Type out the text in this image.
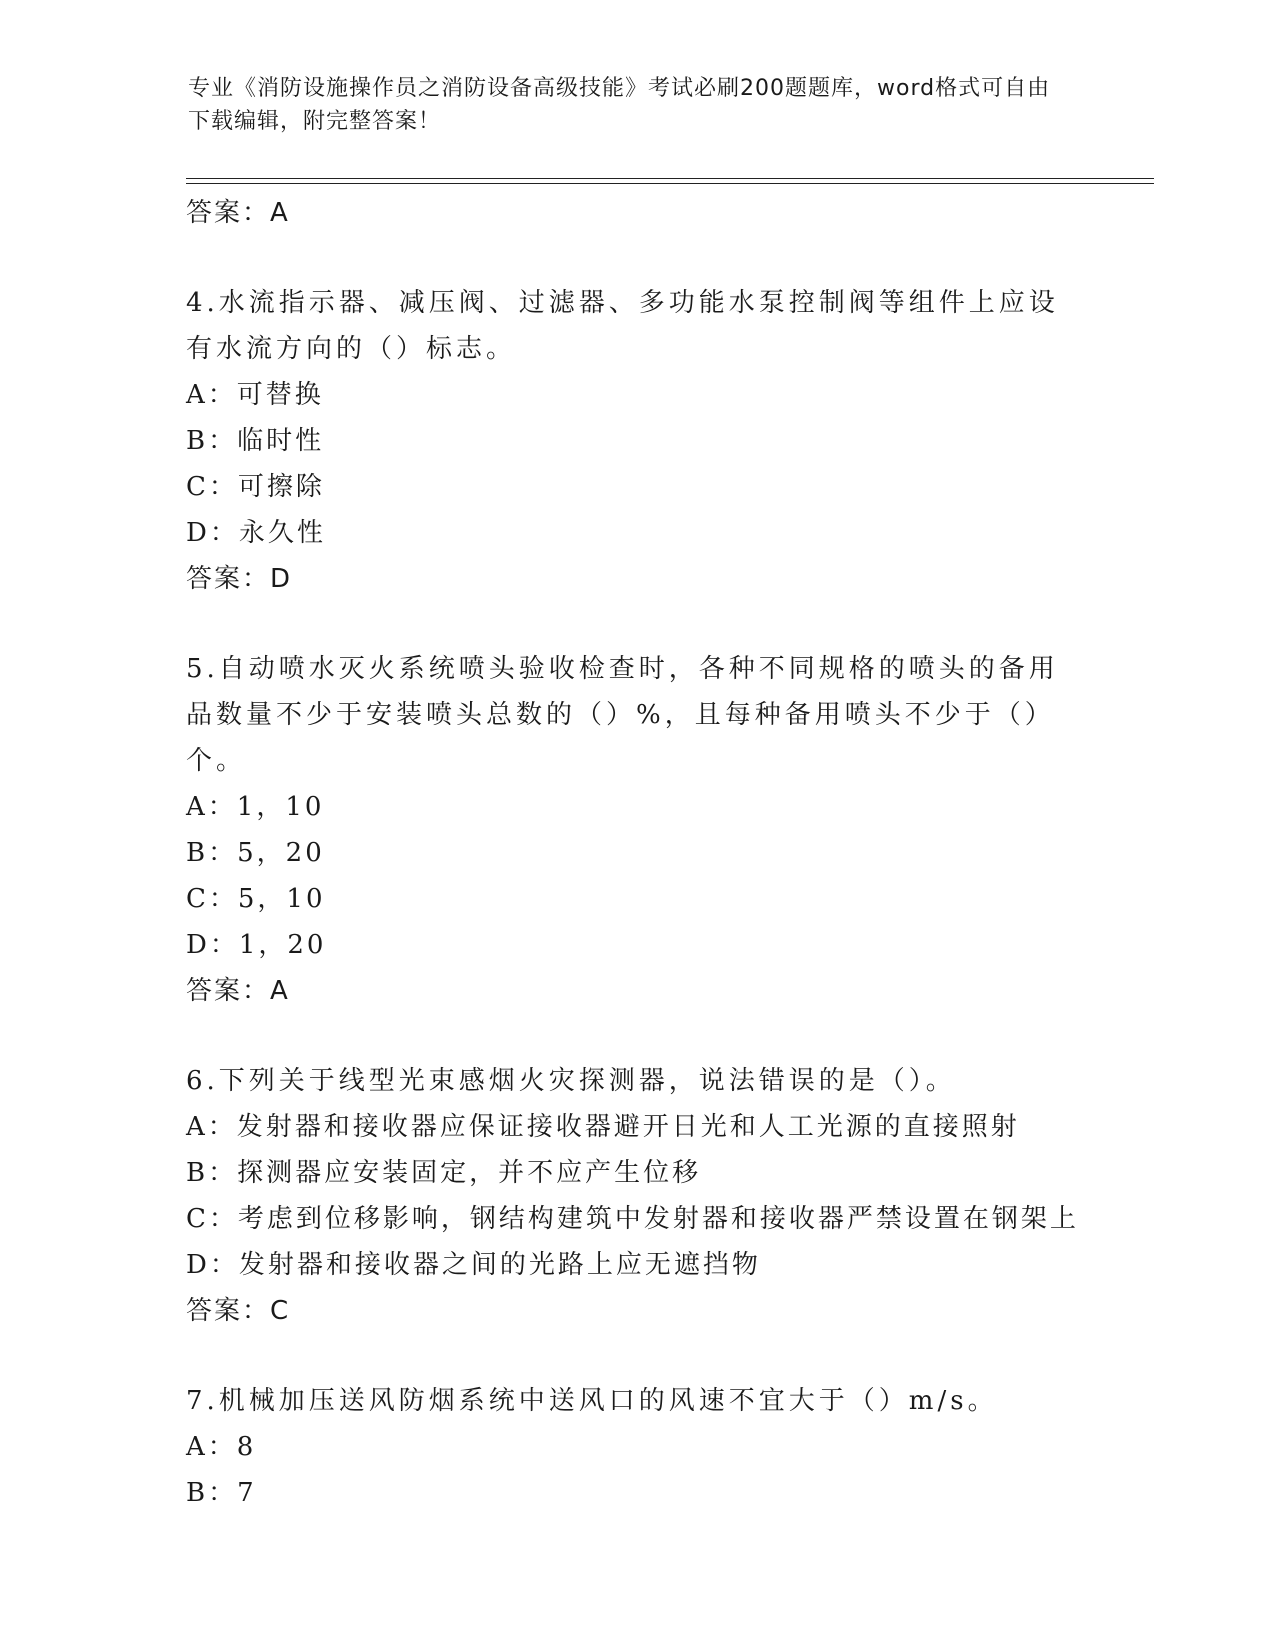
专业《消防设施操作员之消防设备高级技能》考试必刷200题题库，word格式可自由下载编辑，附完整答案！
答案：A
4.水流指示器、减压阀、过滤器、多功能水泵控制阀等组件上应设有水流方向的（）标志。
A：可替换
B：临时性
C：可擦除
D：永久性
答案：D
5.自动喷水灭火系统喷头验收检查时，各种不同规格的喷头的备用品数量不少于安装喷头总数的（）%，且每种备用喷头不少于（）个。
A：1，10
B：5，20
C：5，10
D：1，20
答案：A
6.下列关于线型光束感烟火灾探测器，说法错误的是（）。
A：发射器和接收器应保证接收器避开日光和人工光源的直接照射
B：探测器应安装固定，并不应产生位移
C：考虑到位移影响，钢结构建筑中发射器和接收器严禁设置在钢架上
D：发射器和接收器之间的光路上应无遮挡物
答案：C
7.机械加压送风防烟系统中送风口的风速不宜大于（）m/s。
A：8
B：7
